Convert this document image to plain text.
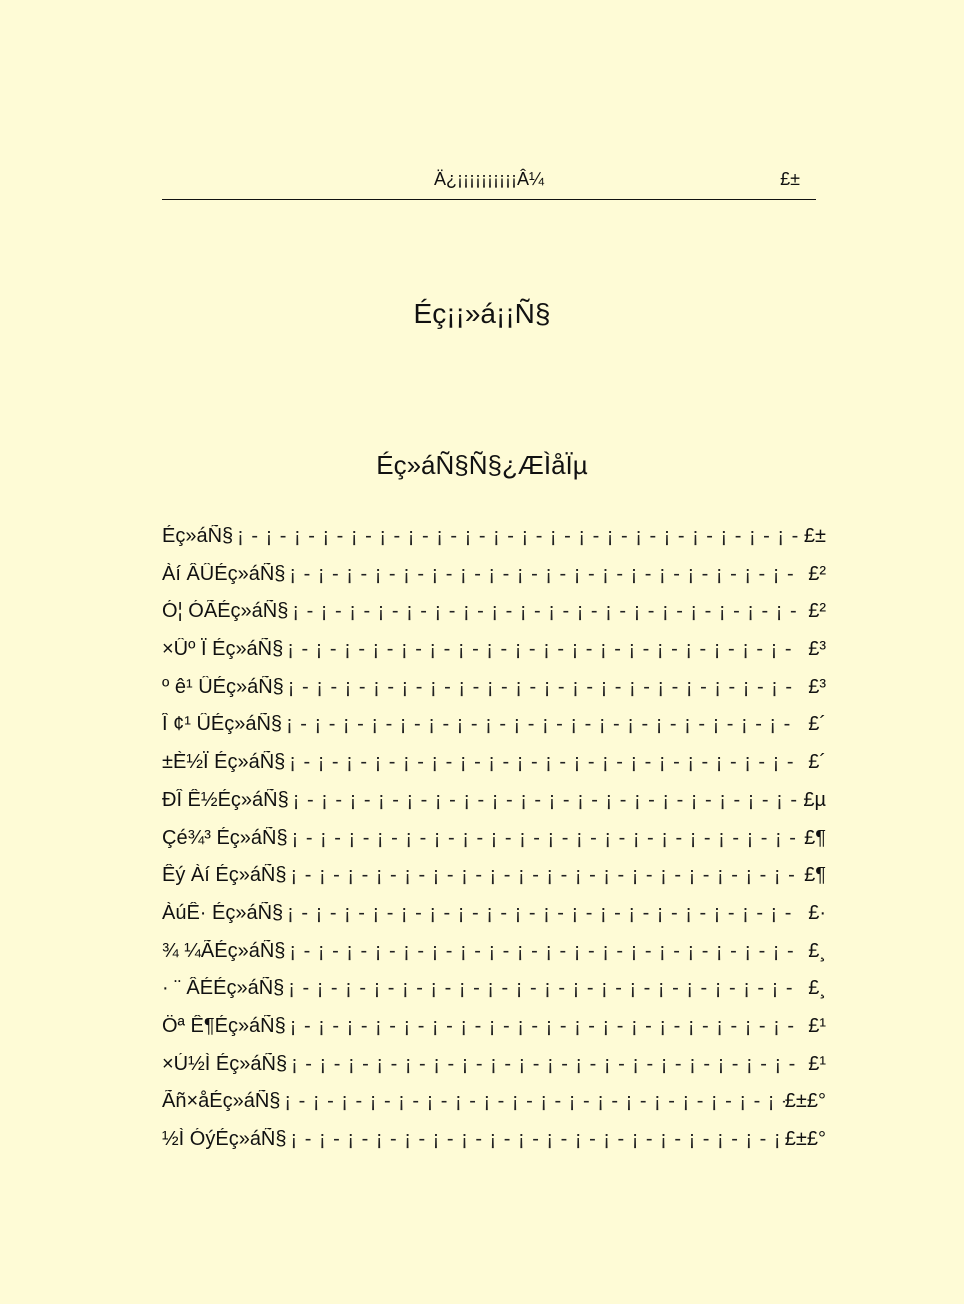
Ä¿¡¡¡¡¡¡¡¡¡¡Â¼	£±
Éç¡¡»á¡¡Ñ§
Éç»áÑ§Ñ§¿ÆÌåÏµ
Éç»áÑ§ ¡ - ¡ - ¡ - ¡ - ¡ - ¡ - ¡ - ¡ - ¡ - ¡ - ¡ - ¡ - ¡ - ¡ - ¡ - ¡ - ¡ - ¡ - ¡ - ¡ - ¡ - ¡ - ¡ - ¡ - ¡ - ¡ - ¡ - ¡ - ¡ - ¡ - ¡ - ¡ - ¡ - ¡ - ¡ -	£±
Àí ÂÛÉç»áÑ§ ¡ - ¡ - ¡ - ¡ - ¡ - ¡ - ¡ - ¡ - ¡ - ¡ - ¡ - ¡ - ¡ - ¡ - ¡ - ¡ - ¡ - ¡ - ¡ - ¡ - ¡ - ¡ - ¡ - ¡ - ¡ - ¡ - ¡ - ¡ - ¡ - ¡ - ¡ - ¡ - ¡ - ¡ - ¡ -	£²
Ó¦ ÓÃÉç»áÑ§ ¡ - ¡ - ¡ - ¡ - ¡ - ¡ - ¡ - ¡ - ¡ - ¡ - ¡ - ¡ - ¡ - ¡ - ¡ - ¡ - ¡ - ¡ - ¡ - ¡ - ¡ - ¡ - ¡ - ¡ - ¡ - ¡ - ¡ - ¡ - ¡ - ¡ - ¡ - ¡ - ¡ - ¡ - ¡ -	£²
×Ûº Ï Éç»áÑ§ ¡ - ¡ - ¡ - ¡ - ¡ - ¡ - ¡ - ¡ - ¡ - ¡ - ¡ - ¡ - ¡ - ¡ - ¡ - ¡ - ¡ - ¡ - ¡ - ¡ - ¡ - ¡ - ¡ - ¡ - ¡ - ¡ - ¡ - ¡ - ¡ - ¡ - ¡ - ¡ - ¡ - ¡ - ¡ -	£³
º ê¹ ÛÉç»áÑ§ ¡ - ¡ - ¡ - ¡ - ¡ - ¡ - ¡ - ¡ - ¡ - ¡ - ¡ - ¡ - ¡ - ¡ - ¡ - ¡ - ¡ - ¡ - ¡ - ¡ - ¡ - ¡ - ¡ - ¡ - ¡ - ¡ - ¡ - ¡ - ¡ - ¡ - ¡ - ¡ - ¡ - ¡ - ¡ -	£³
Î ¢¹ ÛÉç»áÑ§ ¡ - ¡ - ¡ - ¡ - ¡ - ¡ - ¡ - ¡ - ¡ - ¡ - ¡ - ¡ - ¡ - ¡ - ¡ - ¡ - ¡ - ¡ - ¡ - ¡ - ¡ - ¡ - ¡ - ¡ - ¡ - ¡ - ¡ - ¡ - ¡ - ¡ - ¡ - ¡ - ¡ - ¡ - ¡ -	£´
±È½Ï Éç»áÑ§ ¡ - ¡ - ¡ - ¡ - ¡ - ¡ - ¡ - ¡ - ¡ - ¡ - ¡ - ¡ - ¡ - ¡ - ¡ - ¡ - ¡ - ¡ - ¡ - ¡ - ¡ - ¡ - ¡ - ¡ - ¡ - ¡ - ¡ - ¡ - ¡ - ¡ - ¡ - ¡ - ¡ - ¡ - ¡ -	£´
ÐÎ Ê½Éç»áÑ§ ¡ - ¡ - ¡ - ¡ - ¡ - ¡ - ¡ - ¡ - ¡ - ¡ - ¡ - ¡ - ¡ - ¡ - ¡ - ¡ - ¡ - ¡ - ¡ - ¡ - ¡ - ¡ - ¡ - ¡ - ¡ - ¡ - ¡ - ¡ - ¡ - ¡ - ¡ - ¡ - ¡ - ¡ - ¡ -	£µ
Çé¾³ Éç»áÑ§ ¡ - ¡ - ¡ - ¡ - ¡ - ¡ - ¡ - ¡ - ¡ - ¡ - ¡ - ¡ - ¡ - ¡ - ¡ - ¡ - ¡ - ¡ - ¡ - ¡ - ¡ - ¡ - ¡ - ¡ - ¡ - ¡ - ¡ - ¡ - ¡ - ¡ - ¡ - ¡ - ¡ - ¡ - ¡ -	£¶
Êý Àí Éç»áÑ§ ¡ - ¡ - ¡ - ¡ - ¡ - ¡ - ¡ - ¡ - ¡ - ¡ - ¡ - ¡ - ¡ - ¡ - ¡ - ¡ - ¡ - ¡ - ¡ - ¡ - ¡ - ¡ - ¡ - ¡ - ¡ - ¡ - ¡ - ¡ - ¡ - ¡ - ¡ - ¡ - ¡ - ¡ - ¡ -	£¶
ÀúÊ· Éç»áÑ§ ¡ - ¡ - ¡ - ¡ - ¡ - ¡ - ¡ - ¡ - ¡ - ¡ - ¡ - ¡ - ¡ - ¡ - ¡ - ¡ - ¡ - ¡ - ¡ - ¡ - ¡ - ¡ - ¡ - ¡ - ¡ - ¡ - ¡ - ¡ - ¡ - ¡ - ¡ - ¡ - ¡ - ¡ - ¡ -	£·
¾ ¼ÃÉç»áÑ§ ¡ - ¡ - ¡ - ¡ - ¡ - ¡ - ¡ - ¡ - ¡ - ¡ - ¡ - ¡ - ¡ - ¡ - ¡ - ¡ - ¡ - ¡ - ¡ - ¡ - ¡ - ¡ - ¡ - ¡ - ¡ - ¡ - ¡ - ¡ - ¡ - ¡ - ¡ - ¡ - ¡ - ¡ - ¡ -	£¸
· ¨ ÂÉÉç»áÑ§ ¡ - ¡ - ¡ - ¡ - ¡ - ¡ - ¡ - ¡ - ¡ - ¡ - ¡ - ¡ - ¡ - ¡ - ¡ - ¡ - ¡ - ¡ - ¡ - ¡ - ¡ - ¡ - ¡ - ¡ - ¡ - ¡ - ¡ - ¡ - ¡ - ¡ - ¡ - ¡ - ¡ - ¡ - ¡ -	£¸
Öª Ê¶Éç»áÑ§ ¡ - ¡ - ¡ - ¡ - ¡ - ¡ - ¡ - ¡ - ¡ - ¡ - ¡ - ¡ - ¡ - ¡ - ¡ - ¡ - ¡ - ¡ - ¡ - ¡ - ¡ - ¡ - ¡ - ¡ - ¡ - ¡ - ¡ - ¡ - ¡ - ¡ - ¡ - ¡ - ¡ - ¡ - ¡ -	£¹
×Ú½Ì Éç»áÑ§ ¡ - ¡ - ¡ - ¡ - ¡ - ¡ - ¡ - ¡ - ¡ - ¡ - ¡ - ¡ - ¡ - ¡ - ¡ - ¡ - ¡ - ¡ - ¡ - ¡ - ¡ - ¡ - ¡ - ¡ - ¡ - ¡ - ¡ - ¡ - ¡ - ¡ - ¡ - ¡ - ¡ - ¡ - ¡ -	£¹
Ãñ×åÉç»áÑ§ ¡ - ¡ - ¡ - ¡ - ¡ - ¡ - ¡ - ¡ - ¡ - ¡ - ¡ - ¡ - ¡ - ¡ - ¡ - ¡ - ¡ - ¡ - ¡ - ¡ - ¡ - ¡ - ¡ - ¡ - ¡ - ¡ - ¡ - ¡ - ¡ - ¡ - ¡ - ¡ - ¡ - ¡ - ¡ -	£±£°
½Ì ÓýÉç»áÑ§ ¡ - ¡ - ¡ - ¡ - ¡ - ¡ - ¡ - ¡ - ¡ - ¡ - ¡ - ¡ - ¡ - ¡ - ¡ - ¡ - ¡ - ¡ - ¡ - ¡ - ¡ - ¡ - ¡ - ¡ - ¡ - ¡ - ¡ - ¡ - ¡ - ¡ - ¡ - ¡ - ¡ - ¡ - ¡ -	£±£°
